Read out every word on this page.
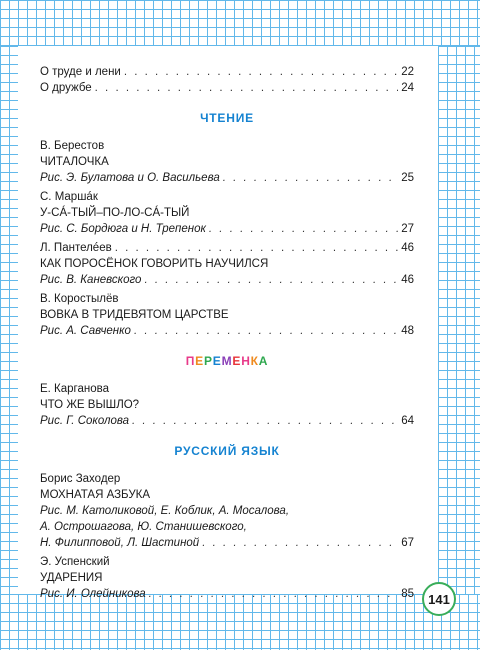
О труде и лени . . .	22
О дружбе . . .	24
ЧТЕНИЕ
В. Берестов
ЧИТАЛОЧКА
Рис. Э. Булатова и О. Васильева . . .	25
С. Маршáк
У-СÁ-ТЫЙ–ПО-ЛО-СÁ-ТЫЙ
Рис. С. Бордюга и Н. Трепенок . . .	27
Л. Пантелéев . . .	46
КАК ПОРОСЁНОК ГОВОРИТЬ НАУЧИЛСЯ
Рис. В. Каневского . . .	46
В. Коростылёв
ВОВКА В ТРИДЕВЯТОМ ЦАРСТВЕ
Рис. А. Савченко . . .	48
ПЕРЕМЕНКА
Е. Карганова
ЧТО ЖЕ ВЫШЛО?
Рис. Г. Соколова . . .	64
РУССКИЙ ЯЗЫК
Борис Заходер
МОХНАТАЯ АЗБУКА
Рис. М. Католиковой, Е. Коблик, А. Мосалова,
А. Острошагова, Ю. Станишевского,
Н. Филипповой, Л. Шастиной . . .	67
Э. Успенский
УДАРЕНИЯ
Рис. И. Олейникова . . .	85	141
